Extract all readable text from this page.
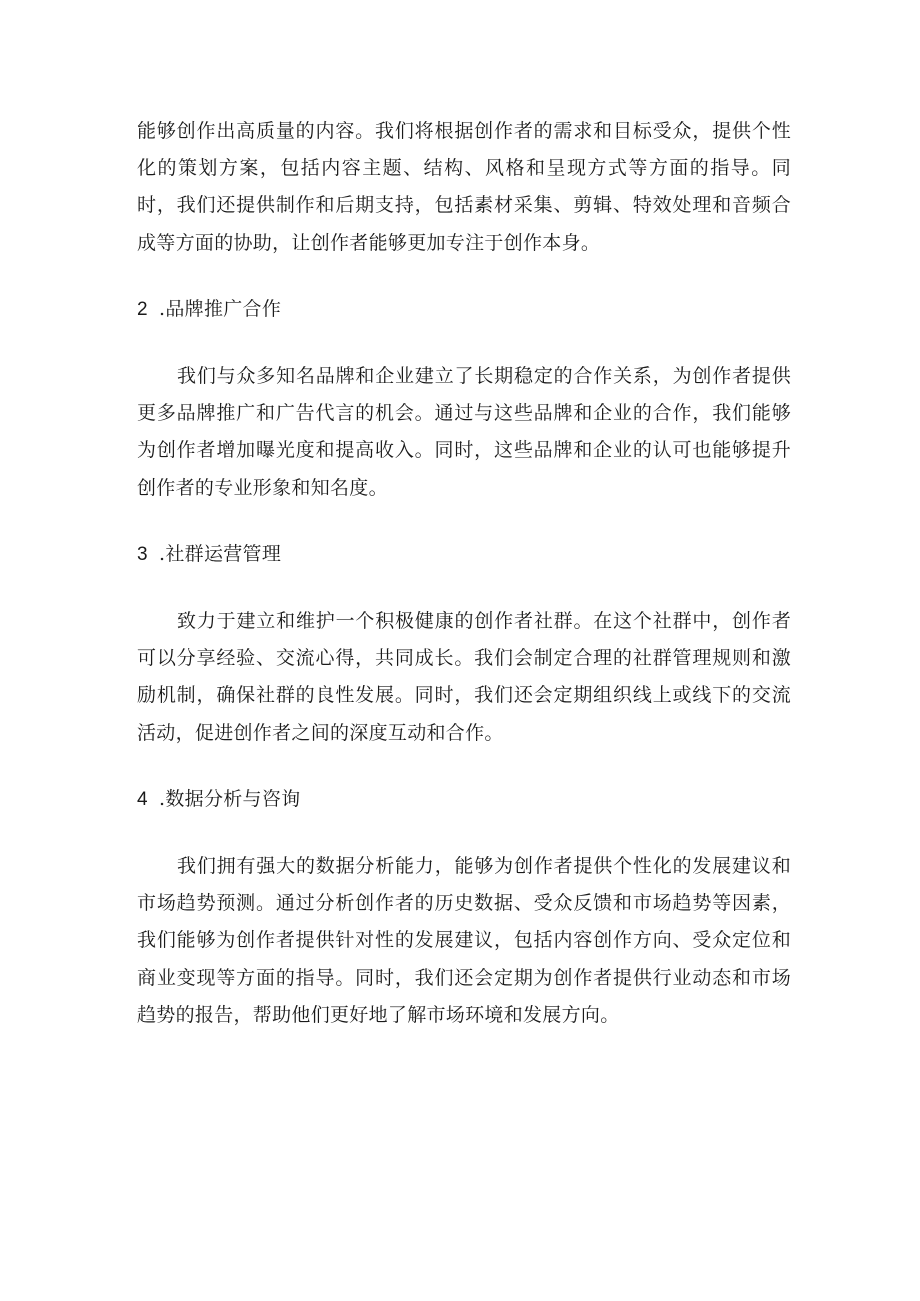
能够创作出高质量的内容。我们将根据创作者的需求和目标受众，提供个性化的策划方案，包括内容主题、结构、风格和呈现方式等方面的指导。同时，我们还提供制作和后期支持，包括素材采集、剪辑、特效处理和音频合成等方面的协助，让创作者能够更加专注于创作本身。

2 .品牌推广合作

我们与众多知名品牌和企业建立了长期稳定的合作关系，为创作者提供更多品牌推广和广告代言的机会。通过与这些品牌和企业的合作，我们能够为创作者增加曝光度和提高收入。同时，这些品牌和企业的认可也能够提升创作者的专业形象和知名度。

3 .社群运营管理

致力于建立和维护一个积极健康的创作者社群。在这个社群中，创作者可以分享经验、交流心得，共同成长。我们会制定合理的社群管理规则和激励机制，确保社群的良性发展。同时，我们还会定期组织线上或线下的交流活动，促进创作者之间的深度互动和合作。

4 .数据分析与咨询

我们拥有强大的数据分析能力，能够为创作者提供个性化的发展建议和市场趋势预测。通过分析创作者的历史数据、受众反馈和市场趋势等因素，我们能够为创作者提供针对性的发展建议，包括内容创作方向、受众定位和商业变现等方面的指导。同时，我们还会定期为创作者提供行业动态和市场趋势的报告，帮助他们更好地了解市场环境和发展方向。
